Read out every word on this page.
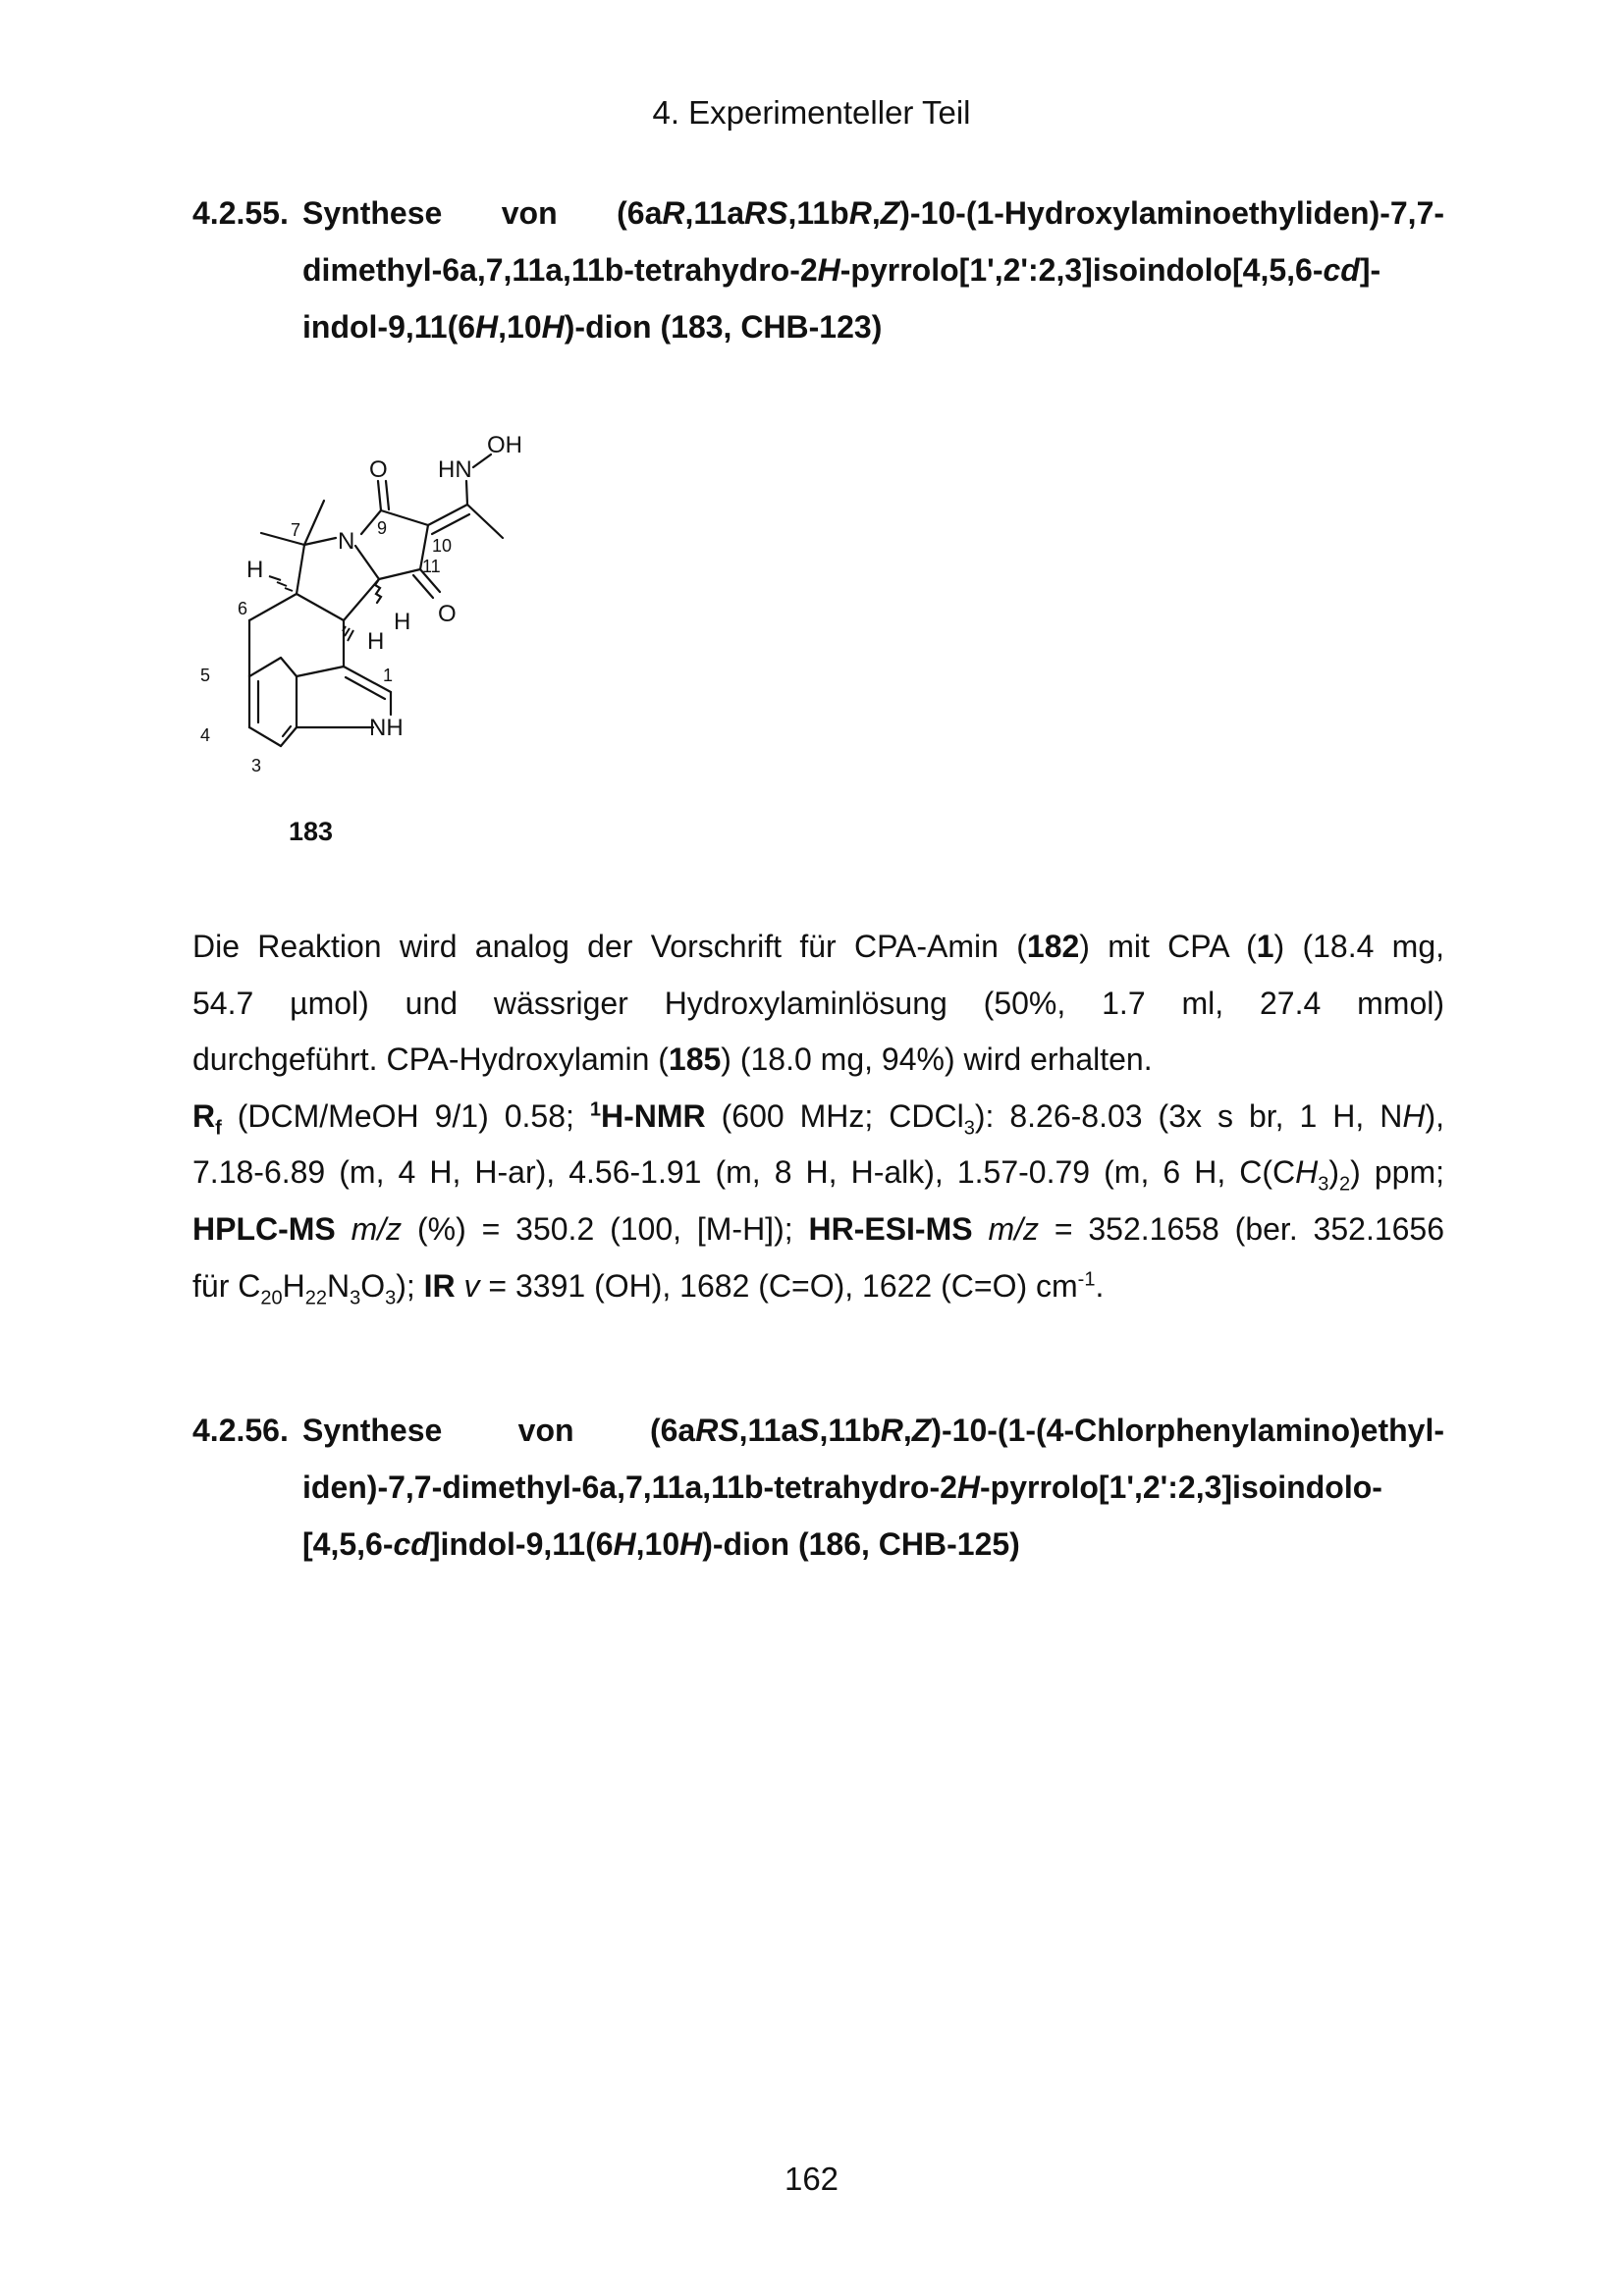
4. Experimenteller Teil
4.2.55. Synthese von (6aR,11aRS,11bR,Z)-10-(1-Hydroxylaminoethyliden)-7,7-
dimethyl-6a,7,11a,11b-tetrahydro-2H-pyrrolo[1',2':2,3]isoindolo[4,5,6-cd]-
indol-9,11(6H,10H)-dion (183, CHB-123)
OH
HN
O
N
O
NH
H
H
H
7	9
10
11
6
5
4
3
1
183
Die Reaktion wird analog der Vorschrift für CPA-Amin (182) mit CPA (1) (18.4 mg,
54.7 µmol) und wässriger Hydroxylaminlösung (50%, 1.7 ml, 27.4 mmol)
durchgeführt. CPA-Hydroxylamin (185) (18.0 mg, 94%) wird erhalten.
$R_f$ (DCM/MeOH 9/1) 0.58; $^1$H-NMR (600 MHz; CDCl$_3$): 8.26-8.03 (3x s br, 1 H, NH),
7.18-6.89 (m, 4 H, H-ar), 4.56-1.91 (m, 8 H, H-alk), 1.57-0.79 (m, 6 H, $C(CH_3)_2$) ppm;
HPLC-MS m/z (%) = 350.2 (100, [M-H]); HR-ESI-MS m/z = 352.1658 (ber. 352.1656
für $C_{20}H_{22}N_3O_3$); IR v = 3391 (OH), 1682 (C=O), 1622 (C=O) $cm^{-1}$.
4.2.56. Synthese von (6aRS,11aS,11bR,Z)-10-(1-(4-Chlorphenylamino)ethyl-
iden)-7,7-dimethyl-6a,7,11a,11b-tetrahydro-2H-pyrrolo[1',2':2,3]isoindolo-
[4,5,6-cd]indol-9,11(6H,10H)-dion (186, CHB-125)
162
